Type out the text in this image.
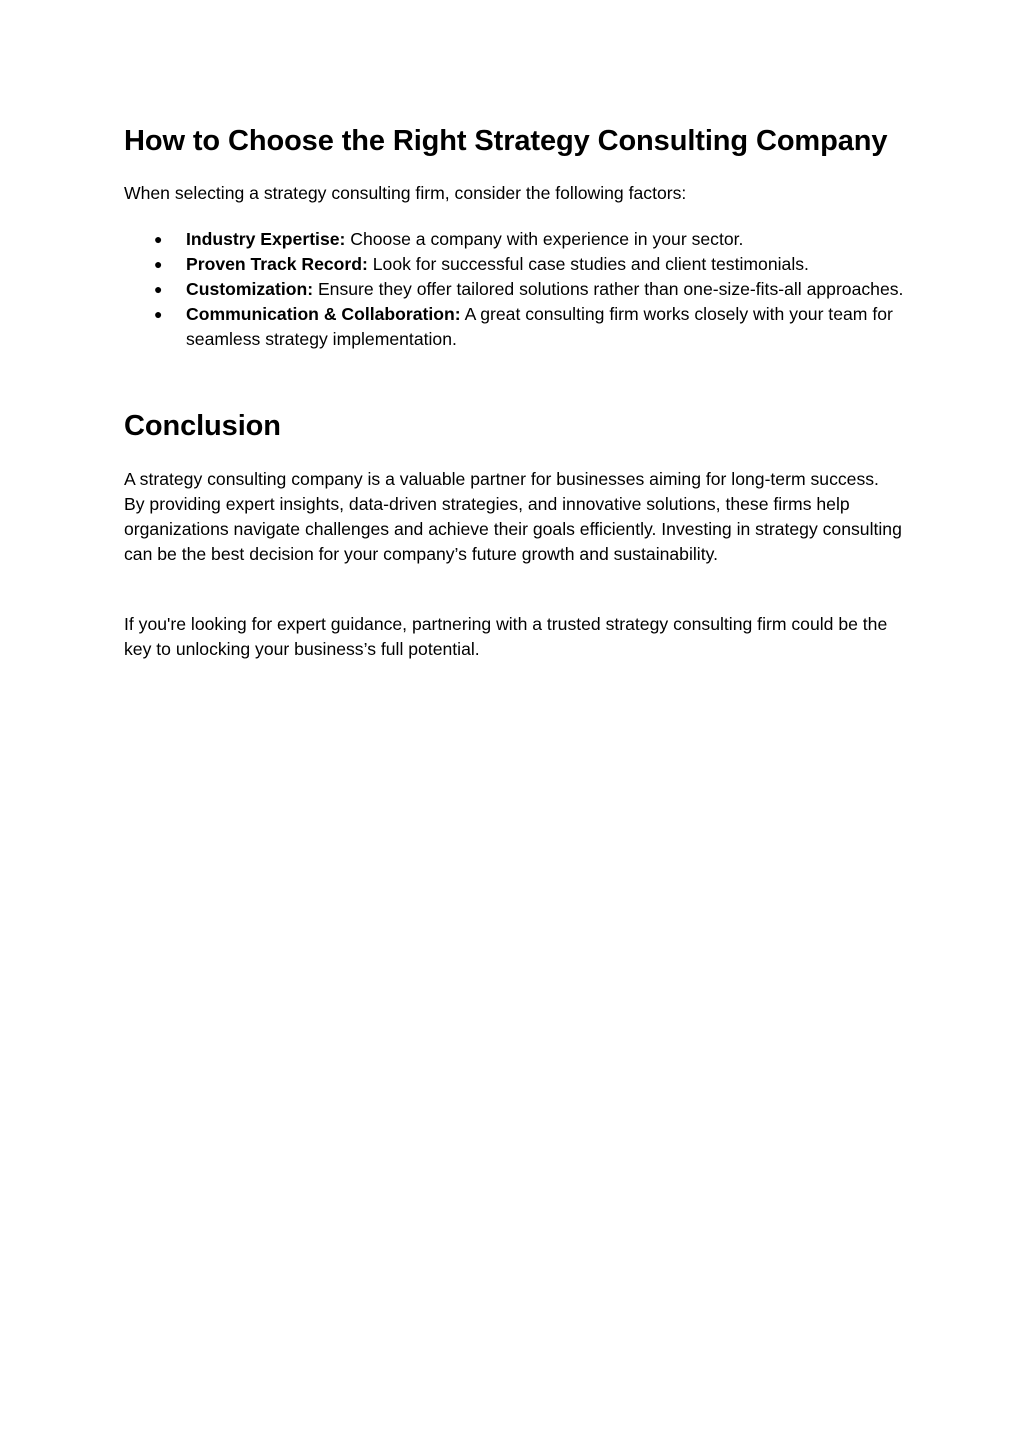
How to Choose the Right Strategy Consulting Company

When selecting a strategy consulting firm, consider the following factors:

● Industry Expertise: Choose a company with experience in your sector.
● Proven Track Record: Look for successful case studies and client testimonials.
● Customization: Ensure they offer tailored solutions rather than one-size-fits-all approaches.
● Communication & Collaboration: A great consulting firm works closely with your team for seamless strategy implementation.
Conclusion

A strategy consulting company is a valuable partner for businesses aiming for long-term success. By providing expert insights, data-driven strategies, and innovative solutions, these firms help organizations navigate challenges and achieve their goals efficiently. Investing in strategy consulting can be the best decision for your company’s future growth and sustainability.

If you're looking for expert guidance, partnering with a trusted strategy consulting firm could be the key to unlocking your business’s full potential.
